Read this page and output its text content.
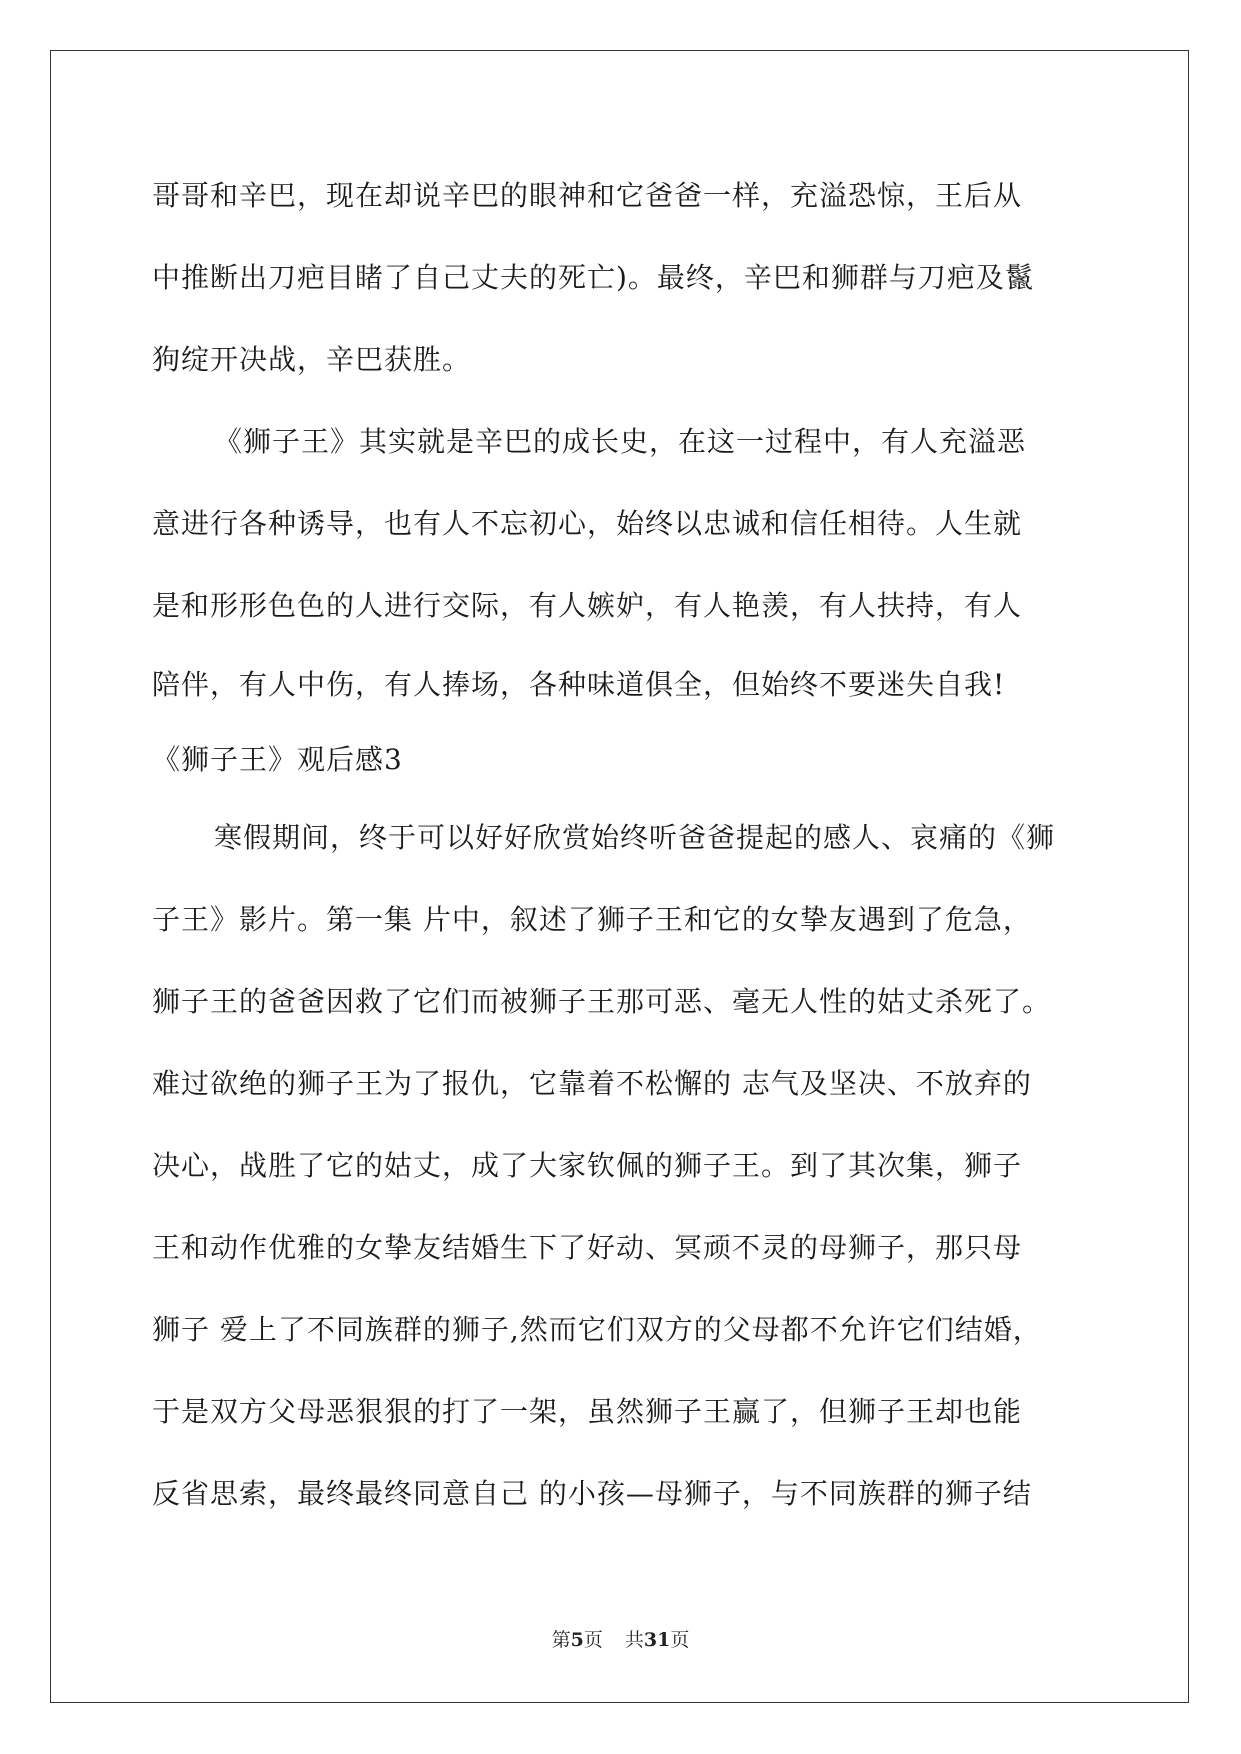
哥哥和辛巴，现在却说辛巴的眼神和它爸爸一样，充溢恐惊，王后从
中推断出刀疤目睹了自己丈夫的死亡)。最终，辛巴和狮群与刀疤及鬣
狗绽开决战，辛巴获胜。
《狮子王》其实就是辛巴的成长史，在这一过程中，有人充溢恶
意进行各种诱导，也有人不忘初心，始终以忠诚和信任相待。人生就
是和形形色色的人进行交际，有人嫉妒，有人艳羡，有人扶持，有人
陪伴，有人中伤，有人捧场，各种味道俱全，但始终不要迷失自我!
《狮子王》观后感3
寒假期间，终于可以好好欣赏始终听爸爸提起的感人、哀痛的《狮
子王》影片。第一集 片中，叙述了狮子王和它的女挚友遇到了危急，
狮子王的爸爸因救了它们而被狮子王那可恶、毫无人性的姑丈杀死了。
难过欲绝的狮子王为了报仇，它靠着不松懈的 志气及坚决、不放弃的
决心，战胜了它的姑丈，成了大家钦佩的狮子王。到了其次集，狮子
王和动作优雅的女挚友结婚生下了好动、冥顽不灵的母狮子，那只母
狮子 爱上了不同族群的狮子,然而它们双方的父母都不允许它们结婚，
于是双方父母恶狠狠的打了一架，虽然狮子王赢了，但狮子王却也能
反省思索，最终最终同意自己 的小孩—母狮子，与不同族群的狮子结
第5页 共31页
